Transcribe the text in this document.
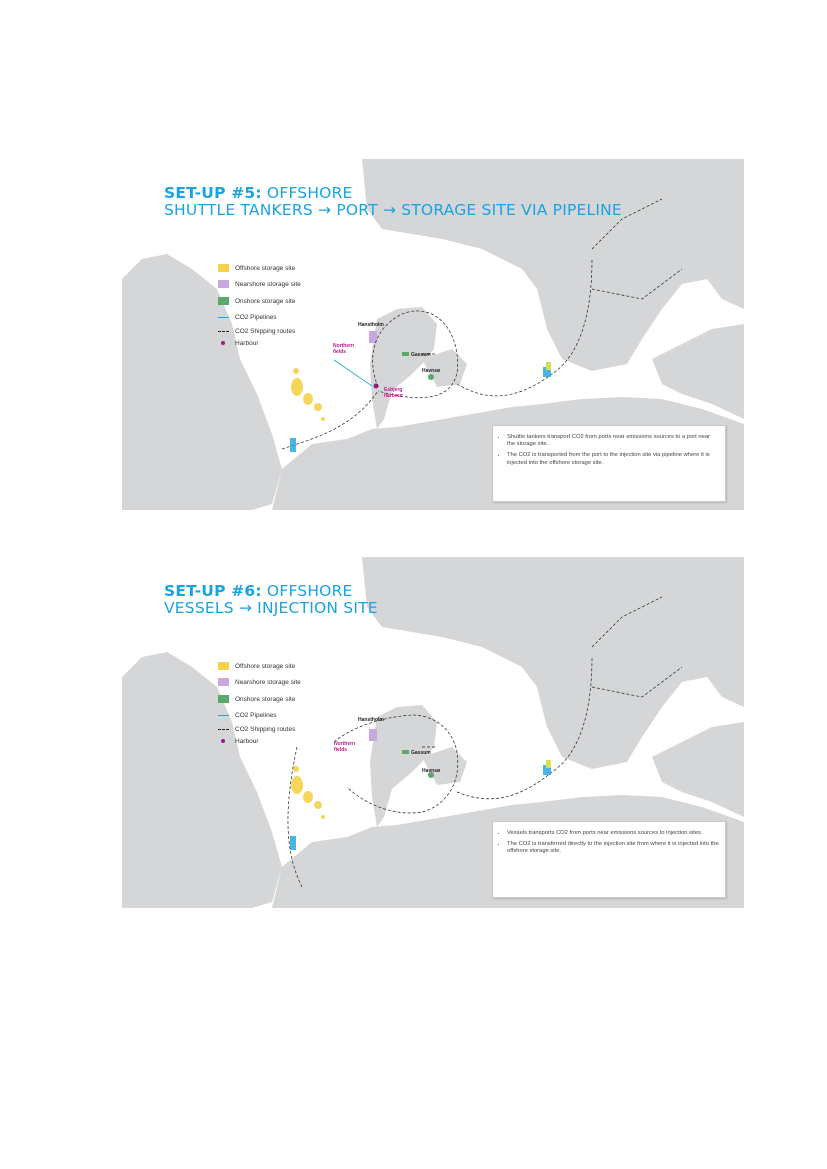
SET-UP #5: OFFSHORE
SHUTTLE TANKERS → PORT → STORAGE SITE VIA PIPELINE
Offshore storage site
Nearshore storage site
Onshore storage site
CO2 Pipelines
CO2 Shipping routes
Harbour
Hanstholm
Northern fields	Gassum
Havnsø
Esbjerg harbour
• Shuttle tankers transport CO2 from ports near emissions sources to a port near the storage site.
• The CO2 is transported from the port to the injection site via pipeline where it is injected into the offshore storage site.
SET-UP #6: OFFSHORE
VESSELS → INJECTION SITE
Offshore storage site
Nearshore storage site
Onshore storage site
CO2 Pipelines
CO2 Shipping routes
Harbour
Hanstholm
Northern fields	Gassum
Havnsø
• Vessels transports CO2 from ports near emissions sources to injection sites.
• The CO2 is transferred directly to the injection site from where it is injected into the offshore storage site.
